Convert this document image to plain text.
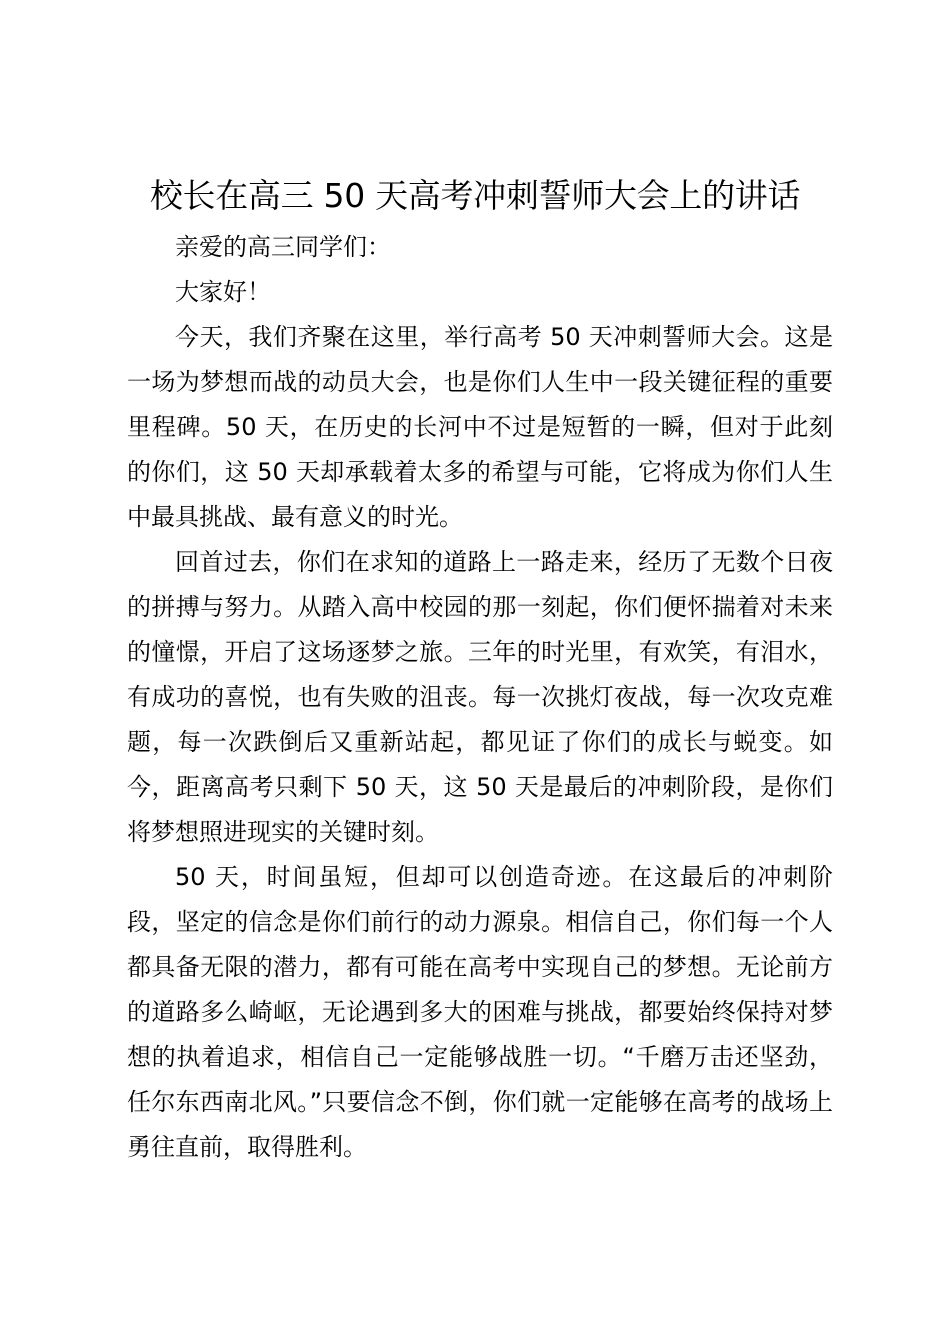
校长在高三 50 天高考冲刺誓师大会上的讲话

亲爱的高三同学们：

大家好！

今天，我们齐聚在这里，举行高考 50 天冲刺誓师大会。这是一场为梦想而战的动员大会，也是你们人生中一段关键征程的重要里程碑。50 天，在历史的长河中不过是短暂的一瞬，但对于此刻的你们，这 50 天却承载着太多的希望与可能，它将成为你们人生中最具挑战、最有意义的时光。

回首过去，你们在求知的道路上一路走来，经历了无数个日夜的拼搏与努力。从踏入高中校园的那一刻起，你们便怀揣着对未来的憧憬，开启了这场逐梦之旅。三年的时光里，有欢笑，有泪水，有成功的喜悦，也有失败的沮丧。每一次挑灯夜战，每一次攻克难题，每一次跌倒后又重新站起，都见证了你们的成长与蜕变。如今，距离高考只剩下 50 天，这 50 天是最后的冲刺阶段，是你们将梦想照进现实的关键时刻。

50 天，时间虽短，但却可以创造奇迹。在这最后的冲刺阶段，坚定的信念是你们前行的动力源泉。相信自己，你们每一个人都具备无限的潜力，都有可能在高考中实现自己的梦想。无论前方的道路多么崎岖，无论遇到多大的困难与挑战，都要始终保持对梦想的执着追求，相信自己一定能够战胜一切。“千磨万击还坚劲，任尔东西南北风。”只要信念不倒，你们就一定能够在高考的战场上勇往直前，取得胜利。
